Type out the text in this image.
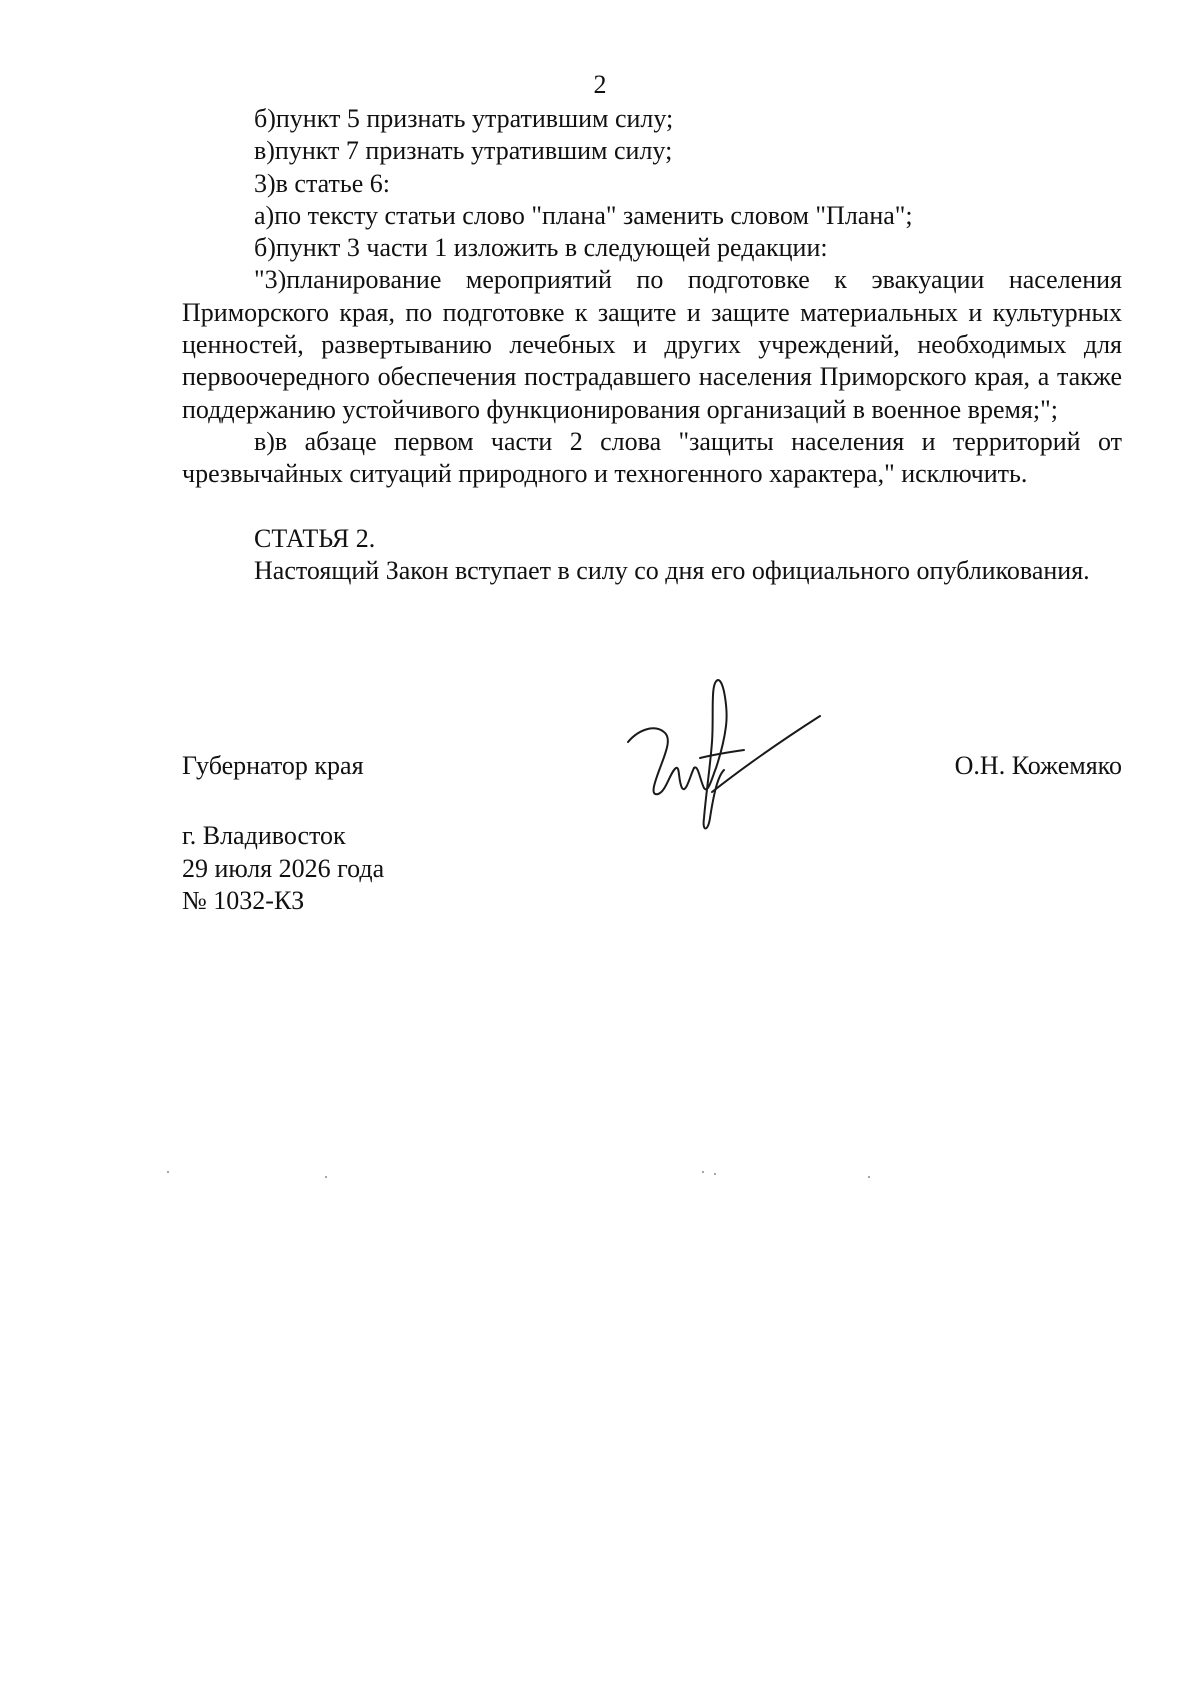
2

б)пункт 5 признать утратившим силу;

в)пункт 7 признать утратившим силу;

3)в статье 6:

а)по тексту статьи слово "плана" заменить словом "Плана";

б)пункт 3 части 1 изложить в следующей редакции:

"3)планирование мероприятий по подготовке к эвакуации населения Приморского края, по подготовке к защите и защите материальных и культурных ценностей, развертыванию лечебных и других учреждений, необходимых для первоочередного обеспечения пострадавшего населения Приморского края, а также поддержанию устойчивого функционирования организаций в военное время;";

в)в абзаце первом части 2 слова "защиты населения и территорий от чрезвычайных ситуаций природного и техногенного характера," исключить.

СТАТЬЯ 2.

Настоящий Закон вступает в силу со дня его официального опубликования.

Губернатор края	О.Н. Кожемяко
г. Владивосток
29 июля 2026 года
№ 1032-КЗ
